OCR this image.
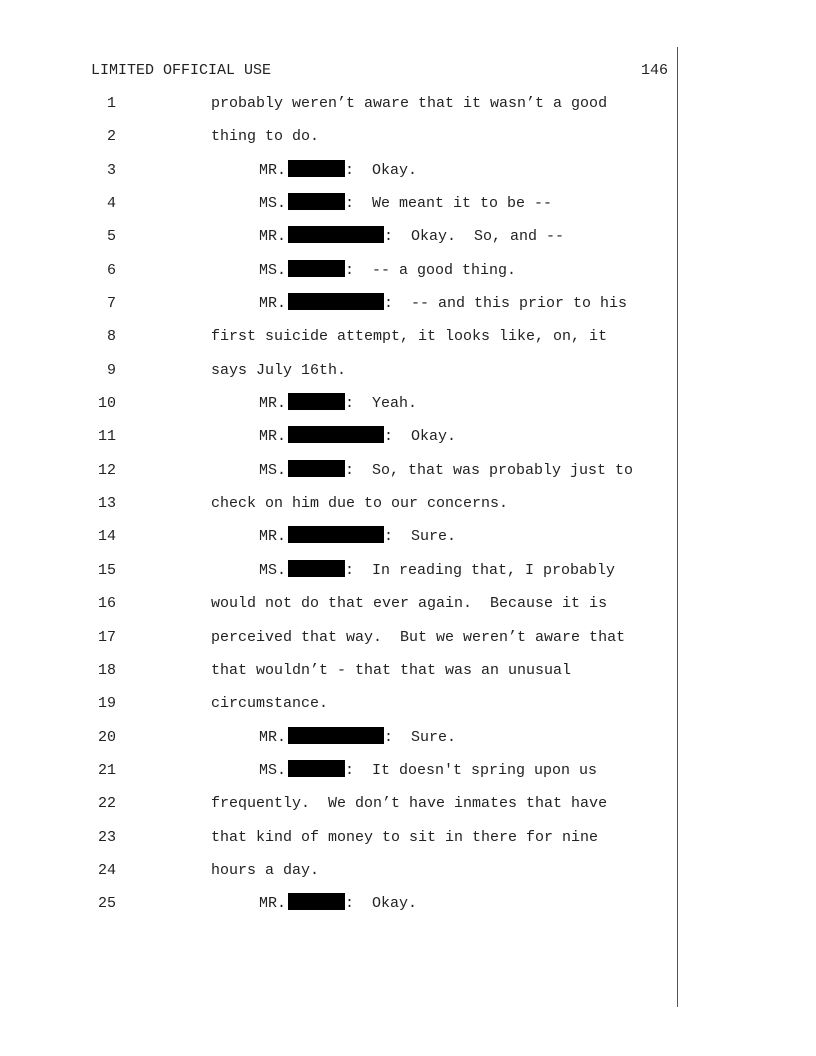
LIMITED OFFICIAL USE	146
1	probably weren’t aware that it wasn’t a good
2	thing to do.
3	MR.	:  Okay.
4	MS.	:  We meant it to be --
5	MR.	:  Okay.  So, and --
6	MS.	:  -- a good thing.
7	MR.	:  -- and this prior to his
8	first suicide attempt, it looks like, on, it
9	says July 16th.
10	MR.	:  Yeah.
11	MR.	:  Okay.
12	MS.	:  So, that was probably just to
13	check on him due to our concerns.
14	MR.	:  Sure.
15	MS.	:  In reading that, I probably
16	would not do that ever again.  Because it is
17	perceived that way.  But we weren’t aware that
18	that wouldn’t - that that was an unusual
19	circumstance.
20	MR.	:  Sure.
21	MS.	:  It doesn't spring upon us
22	frequently.  We don’t have inmates that have
23	that kind of money to sit in there for nine
24	hours a day.
25	MR.	:  Okay.
